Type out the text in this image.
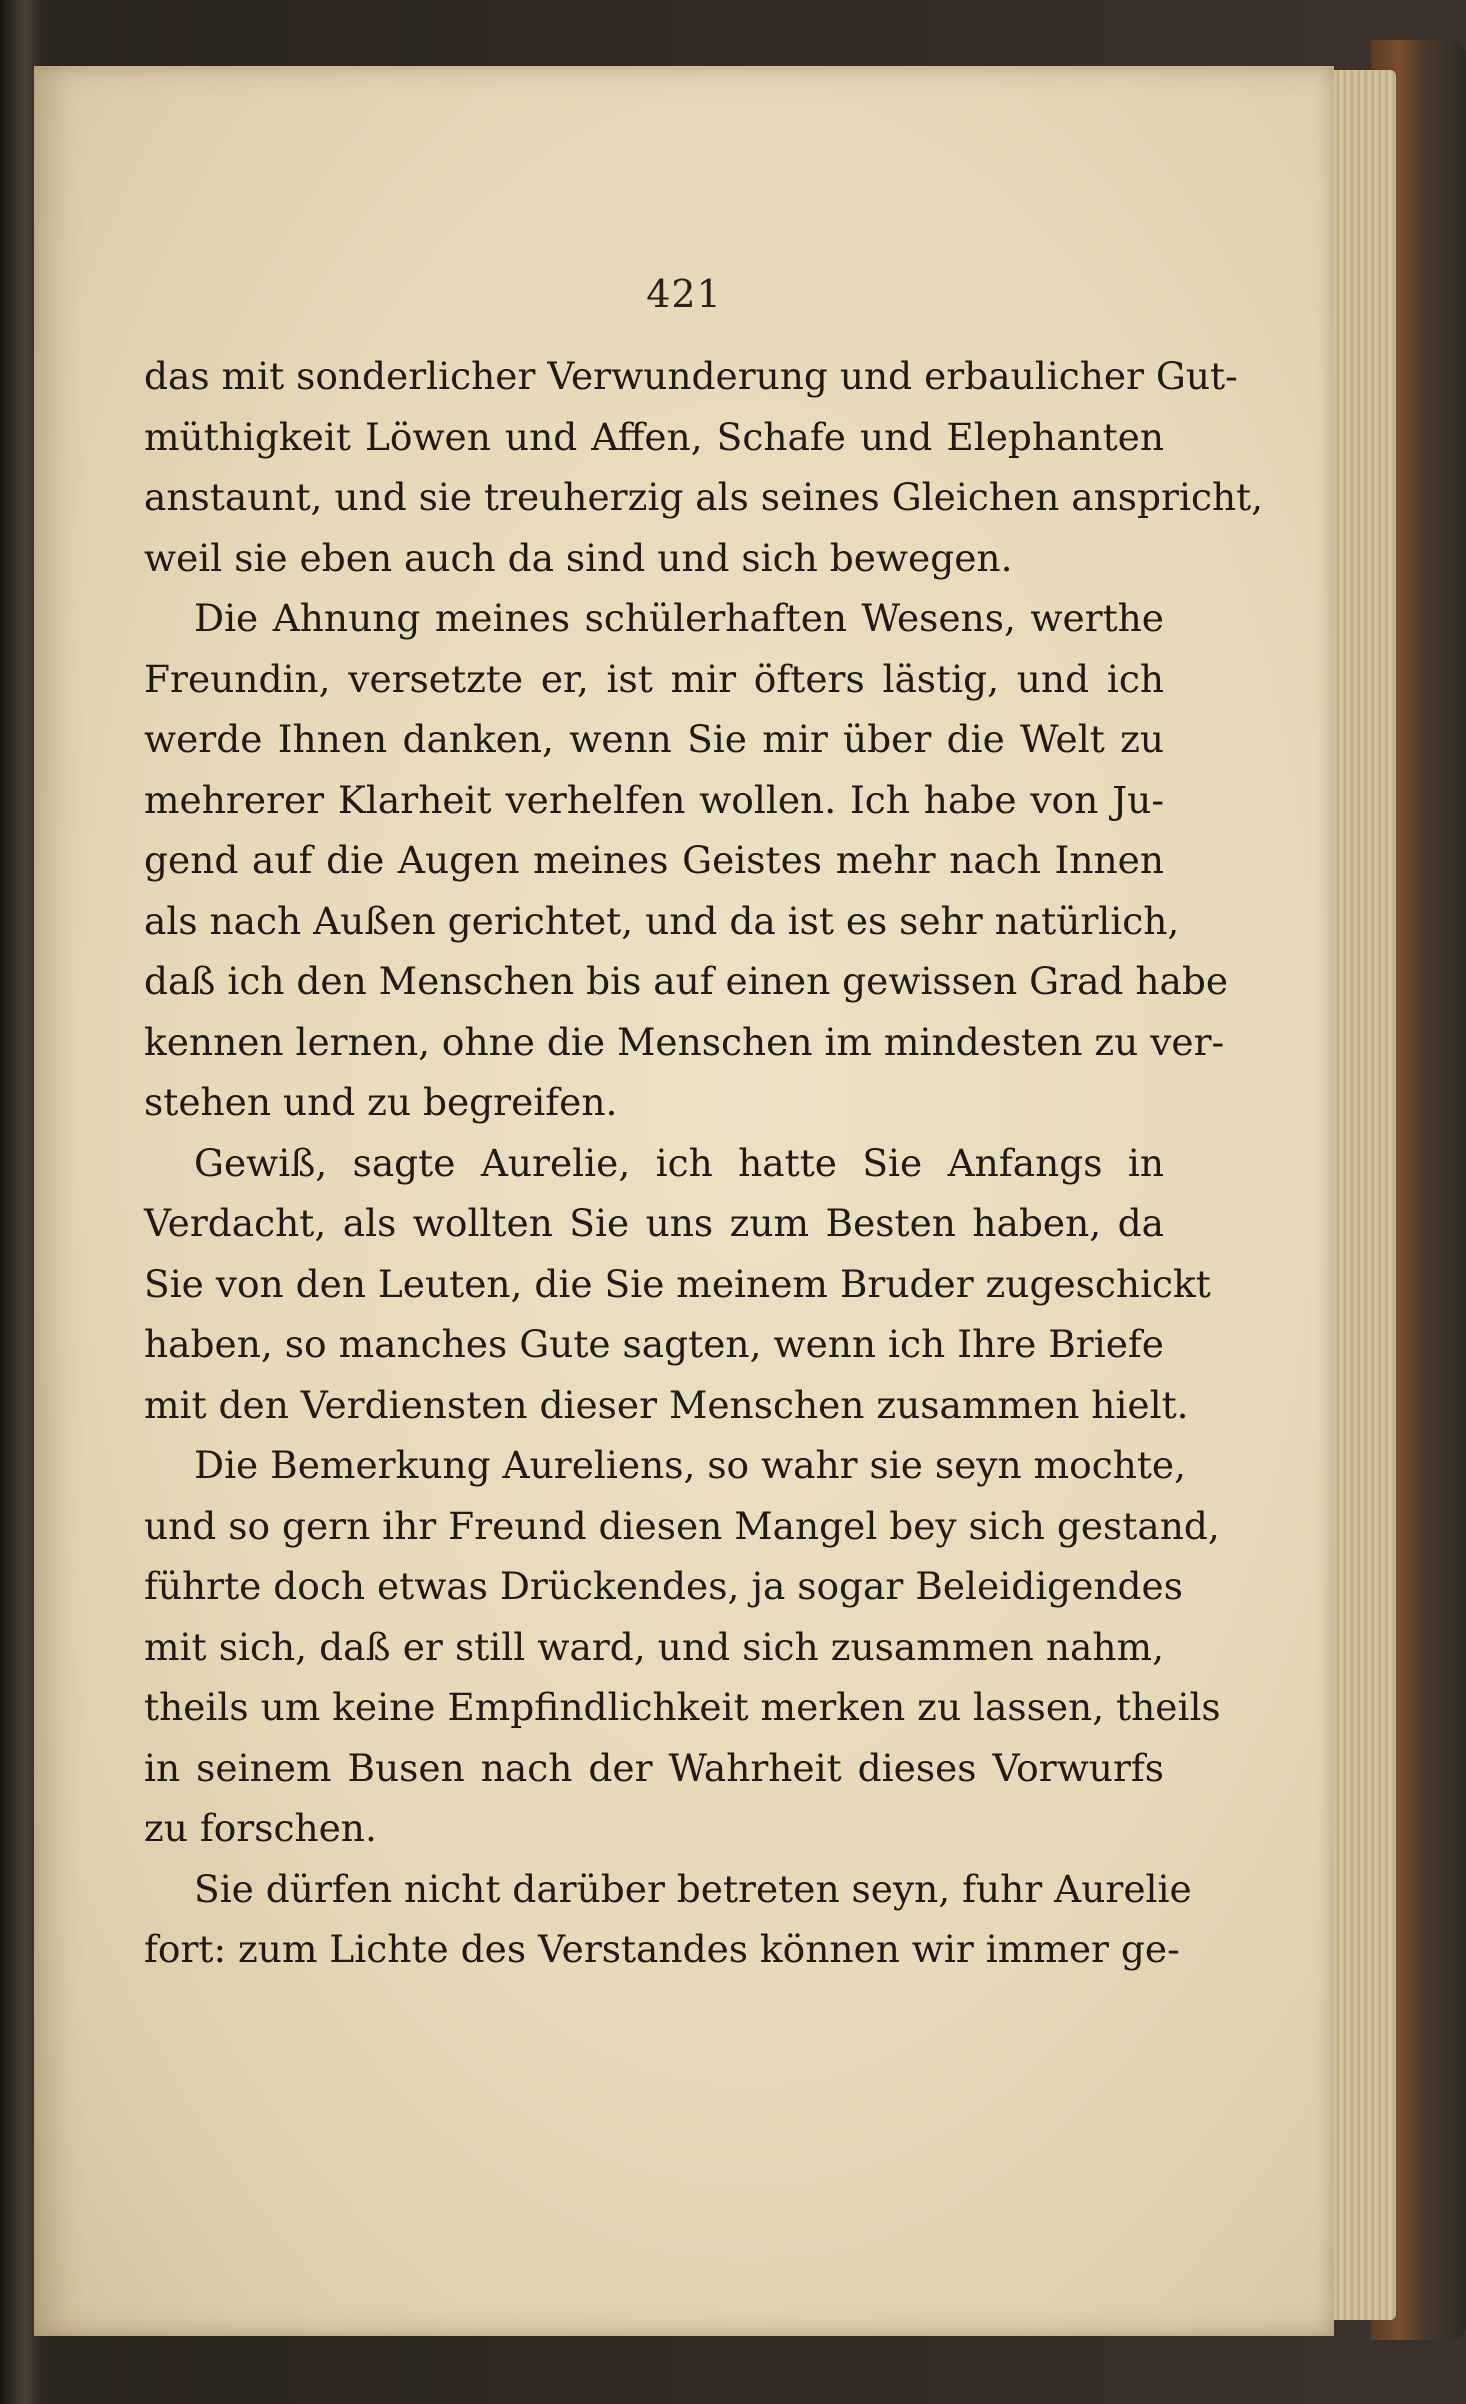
421
das mit sonderlicher Verwunderung und erbaulicher Gut-
müthigkeit Löwen und Affen, Schafe und Elephanten
anstaunt, und sie treuherzig als seines Gleichen anspricht,
weil sie eben auch da sind und sich bewegen.
Die Ahnung meines schülerhaften Wesens, werthe
Freundin, versetzte er, ist mir öfters lästig, und ich
werde Ihnen danken, wenn Sie mir über die Welt zu
mehrerer Klarheit verhelfen wollen. Ich habe von Ju-
gend auf die Augen meines Geistes mehr nach Innen
als nach Außen gerichtet, und da ist es sehr natürlich,
daß ich den Menschen bis auf einen gewissen Grad habe
kennen lernen, ohne die Menschen im mindesten zu ver-
stehen und zu begreifen.
Gewiß, sagte Aurelie, ich hatte Sie Anfangs in
Verdacht, als wollten Sie uns zum Besten haben, da
Sie von den Leuten, die Sie meinem Bruder zugeschickt
haben, so manches Gute sagten, wenn ich Ihre Briefe
mit den Verdiensten dieser Menschen zusammen hielt.
Die Bemerkung Aureliens, so wahr sie seyn mochte,
und so gern ihr Freund diesen Mangel bey sich gestand,
führte doch etwas Drückendes, ja sogar Beleidigendes
mit sich, daß er still ward, und sich zusammen nahm,
theils um keine Empfindlichkeit merken zu lassen, theils
in seinem Busen nach der Wahrheit dieses Vorwurfs
zu forschen.
Sie dürfen nicht darüber betreten seyn, fuhr Aurelie
fort: zum Lichte des Verstandes können wir immer ge-
